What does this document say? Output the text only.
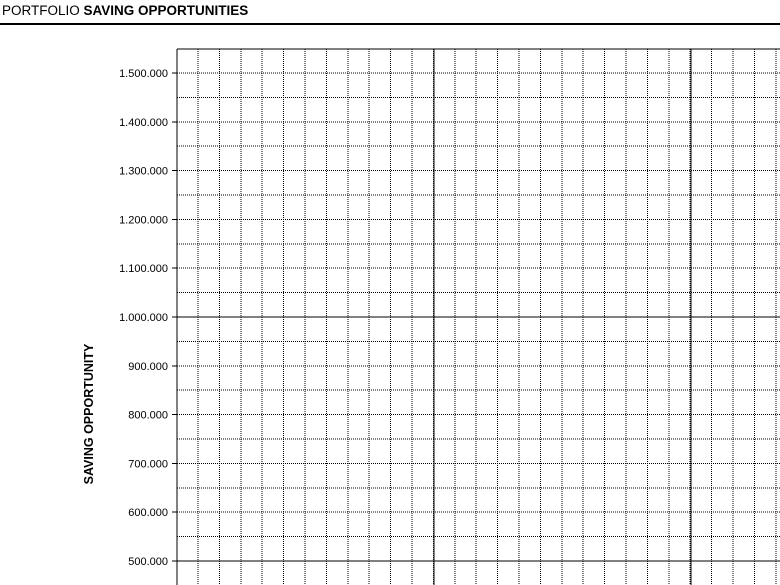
PORTFOLIO SAVING OPPORTUNITIES
1.500.000
1.400.000
1.300.000
1.200.000
1.100.000
1.000.000
900.000
800.000
700.000
600.000
500.000
SAVING OPPORTUNITY
